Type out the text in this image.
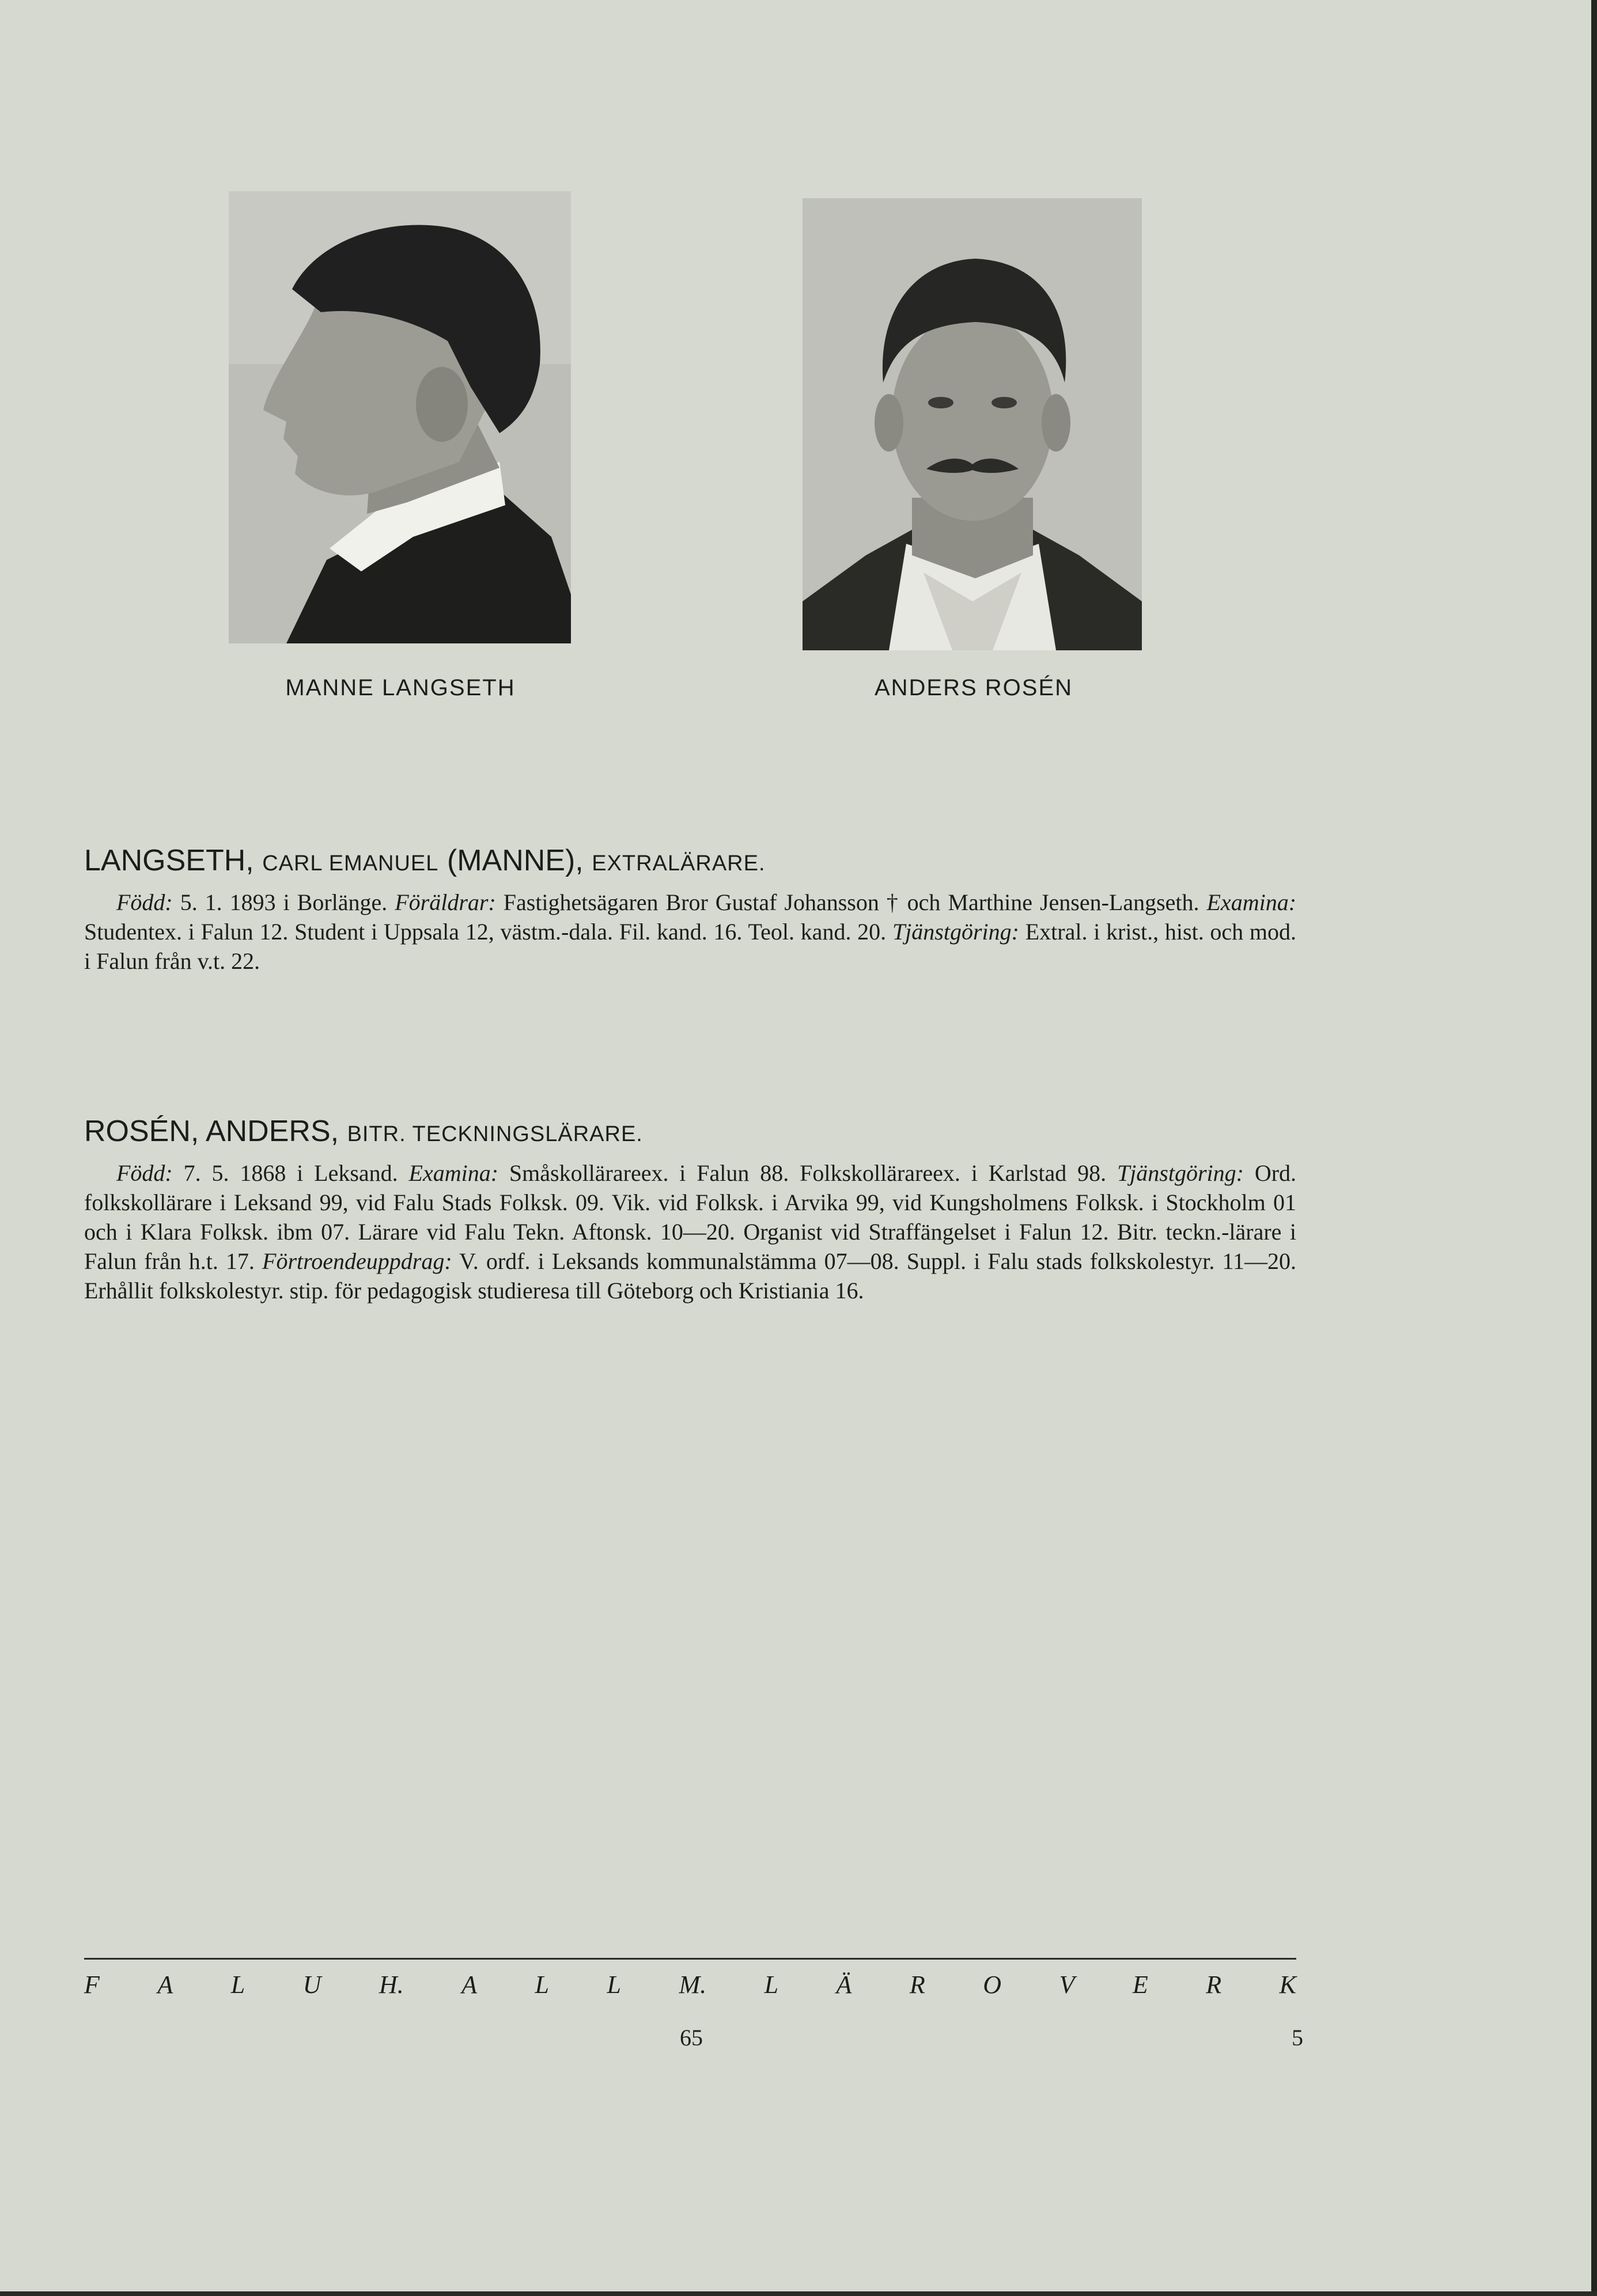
MANNE LANGSETH	ANDERS ROSÉN
LANGSETH, CARL EMANUEL (MANNE), EXTRALÄRARE.

Född: 5. 1. 1893 i Borlänge. Föräldrar: Fastighetsägaren Bror Gustaf Johansson † och Marthine Jensen-Langseth. Examina: Studentex. i Falun 12. Student i Uppsala 12, västm.-dala. Fil. kand. 16. Teol. kand. 20. Tjänstgöring: Extral. i krist., hist. och mod. i Falun från v.t. 22.

ROSÉN, ANDERS, BITR. TECKNINGSLÄRARE.

Född: 7. 5. 1868 i Leksand. Examina: Småskollärareex. i Falun 88. Folkskollärareex. i Karlstad 98. Tjänstgöring: Ord. folkskollärare i Leksand 99, vid Falu Stads Folksk. 09. Vik. vid Folksk. i Arvika 99, vid Kungsholmens Folksk. i Stockholm 01 och i Klara Folksk. ibm 07. Lärare vid Falu Tekn. Aftonsk. 10—20. Organist vid Straffängelset i Falun 12. Bitr. teckn.-lärare i Falun från h.t. 17. Förtroendeuppdrag: V. ordf. i Leksands kommunalstämma 07—08. Suppl. i Falu stads folkskolestyr. 11—20. Erhållit folkskolestyr. stip. för pedagogisk studieresa till Göteborg och Kristiania 16.

F A L U H. A L L M. L Ä R O V E R K
65	5
